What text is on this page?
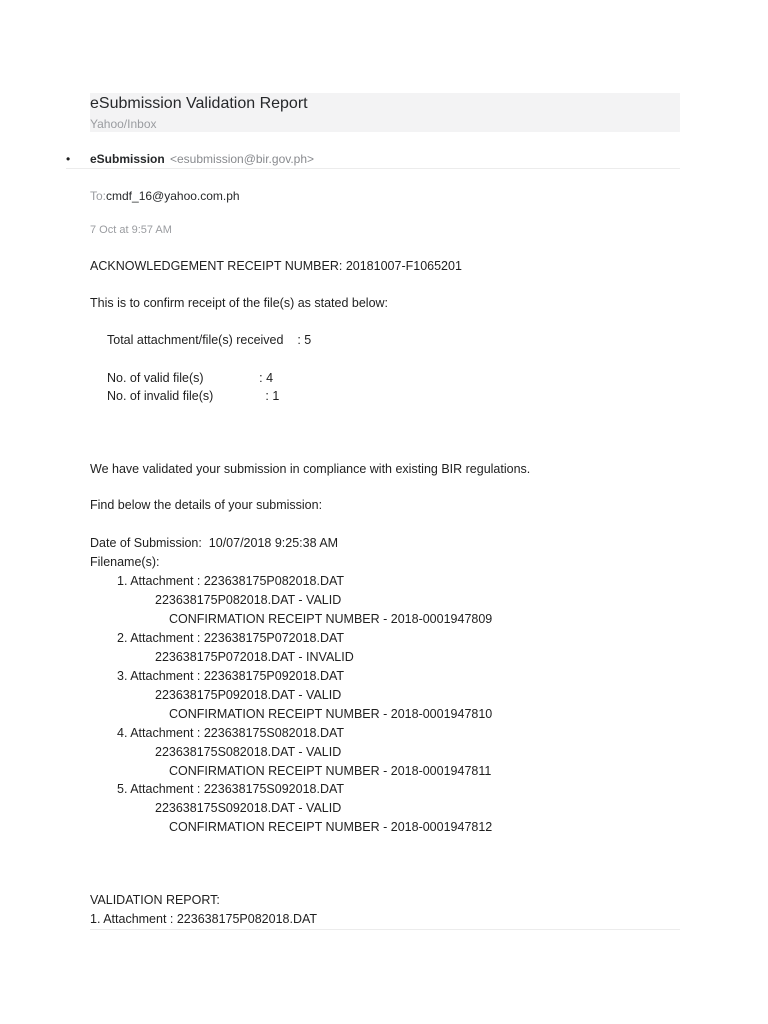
eSubmission Validation Report
Yahoo/Inbox
• eSubmission <esubmission@bir.gov.ph>
To:cmdf_16@yahoo.com.ph
7 Oct at 9:57 AM
ACKNOWLEDGEMENT RECEIPT NUMBER: 20181007-F1065201
This is to confirm receipt of the file(s) as stated below:
Total attachment/file(s) received    : 5
No. of valid file(s)                : 4
No. of invalid file(s)               : 1
We have validated your submission in compliance with existing BIR regulations.
Find below the details of your submission:
Date of Submission:  10/07/2018 9:25:38 AM
Filename(s):
1. Attachment : 223638175P082018.DAT
223638175P082018.DAT - VALID
CONFIRMATION RECEIPT NUMBER - 2018-0001947809
2. Attachment : 223638175P072018.DAT
223638175P072018.DAT - INVALID
3. Attachment : 223638175P092018.DAT
223638175P092018.DAT - VALID
CONFIRMATION RECEIPT NUMBER - 2018-0001947810
4. Attachment : 223638175S082018.DAT
223638175S082018.DAT - VALID
CONFIRMATION RECEIPT NUMBER - 2018-0001947811
5. Attachment : 223638175S092018.DAT
223638175S092018.DAT - VALID
CONFIRMATION RECEIPT NUMBER - 2018-0001947812
VALIDATION REPORT:
1. Attachment : 223638175P082018.DAT
